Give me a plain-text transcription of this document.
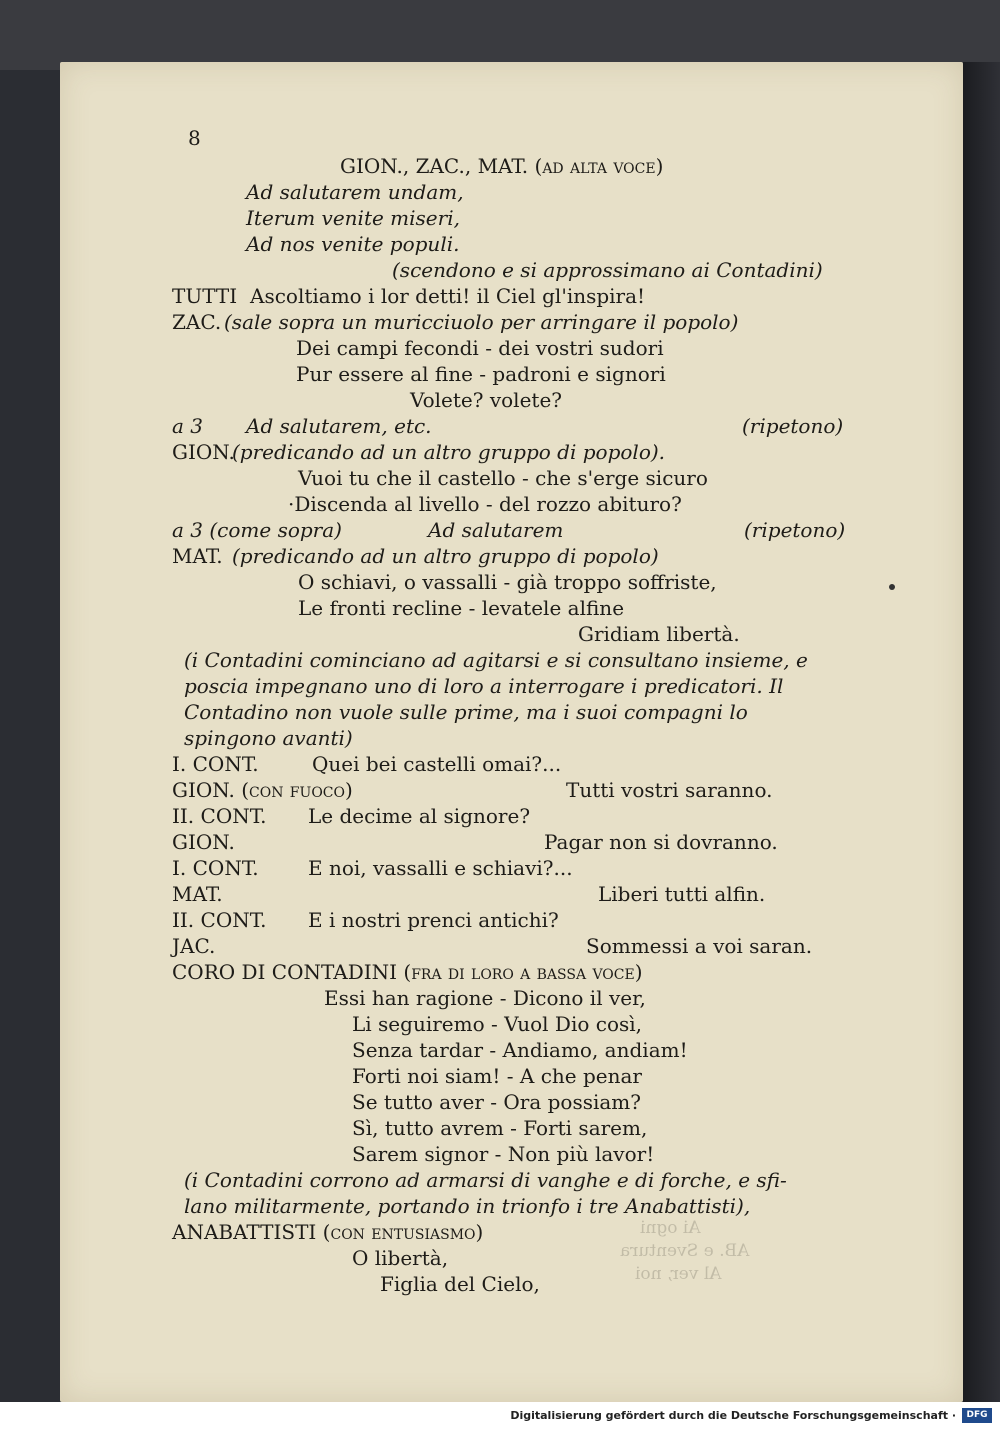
8
GION., ZAC., MAT. (ad alta voce)
Ad salutarem undam,
Iterum venite miseri,
Ad nos venite populi.
(scendono e si approssimano ai Contadini)
TUTTI Ascoltiamo i lor detti! il Ciel gl'inspira!
ZAC. (sale sopra un muricciuolo per arringare il popolo)
Dei campi fecondi - dei vostri sudori
Pur essere al fine - padroni e signori
Volete? volete?
a 3 Ad salutarem, etc.	(ripetono)
GION.
(predicando ad un altro gruppo di popolo).
Vuoi tu che il castello - che s'erge sicuro
·Discenda al livello - del rozzo abituro?
a 3 (come sopra)	Ad salutarem	(ripetono)
MAT. (predicando ad un altro gruppo di popolo)
O schiavi, o vassalli - già troppo soffriste,
Le fronti recline - levatele alfine
Gridiam libertà.
(i Contadini cominciano ad agitarsi e si consultano insieme, e
poscia impegnano uno di loro a interrogare i predicatori. Il
Contadino non vuole sulle prime, ma i suoi compagni lo
spingono avanti)
I. CONT.	Quei bei castelli omai?...
GION. (con fuoco)	Tutti vostri saranno.
II. CONT. Le decime al signore?
GION.	Pagar non si dovranno.
I. CONT. E noi, vassalli e schiavi?...
MAT.	Liberi tutti alfin.
II. CONT. E i nostri prenci antichi?
JAC.	Sommessi a voi saran.
CORO DI CONTADINI (fra di loro a bassa voce)
Essi han ragione - Dicono il ver,
Li seguiremo - Vuol Dio così,
Senza tardar - Andiamo, andiam!
Forti noi siam! - A che penar
Se tutto aver - Ora possiam?
Sì, tutto avrem - Forti sarem,
Sarem signor - Non più lavor!
(i Contadini corrono ad armarsi di vanghe e di forche, e sfi-
lano militarmente, portando in trionfo i tre Anabattisti),
ANABATTISTI (con entusiasmo)
O libertà,
Figlia del Cielo,
Ai ogni
AB. e Sventura
Al ver, noi
Digitalisierung gefördert durch die Deutsche Forschungsgemeinschaft ·	DFG
